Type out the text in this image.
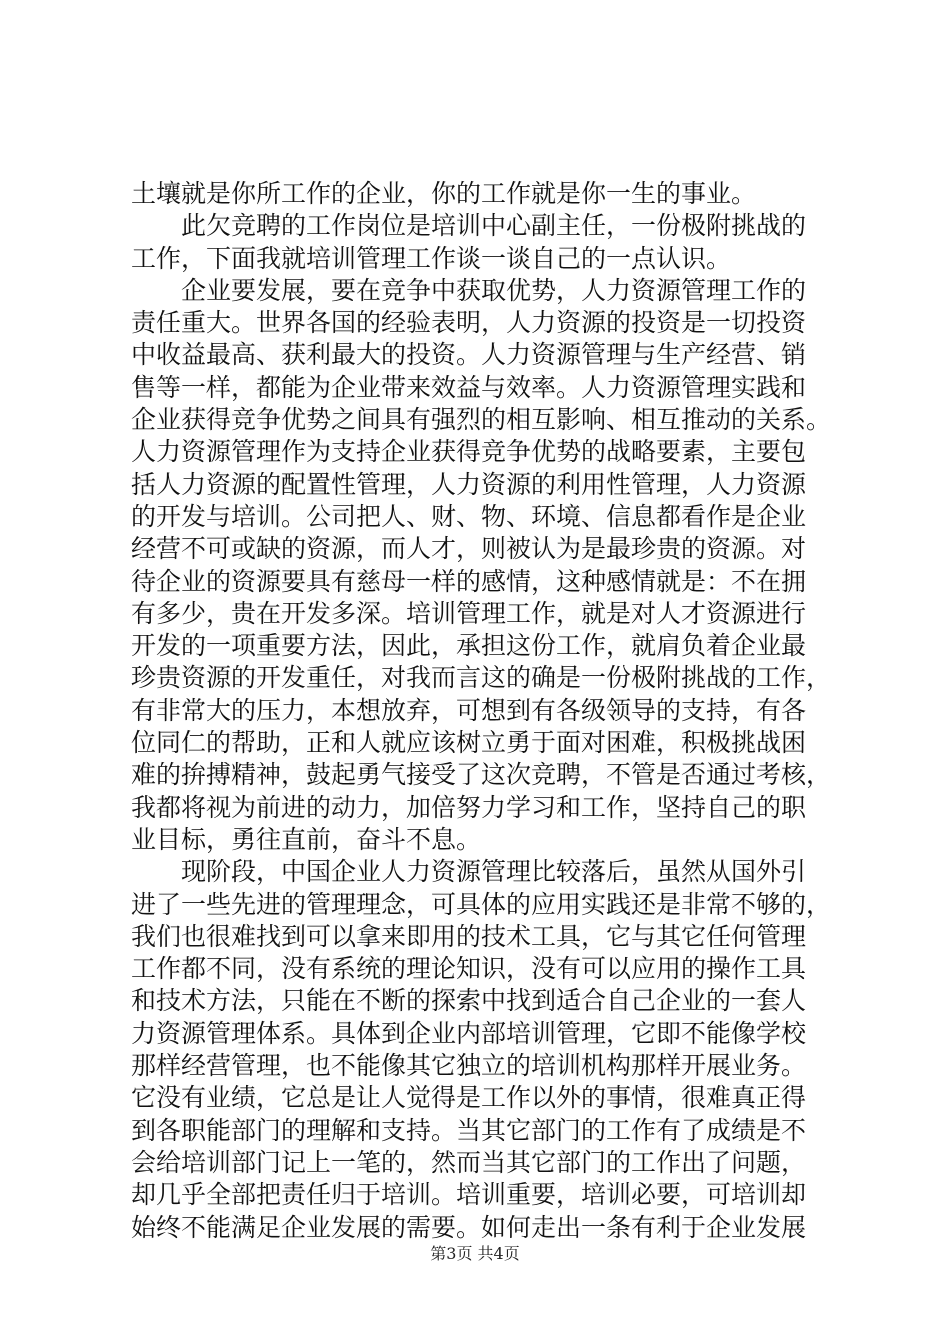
土壤就是你所工作的企业，你的工作就是你一生的事业。
此欠竞聘的工作岗位是培训中心副主任，一份极附挑战的
工作，下面我就培训管理工作谈一谈自己的一点认识。
企业要发展，要在竞争中获取优势，人力资源管理工作的
责任重大。世界各国的经验表明，人力资源的投资是一切投资
中收益最高、获利最大的投资。人力资源管理与生产经营、销
售等一样，都能为企业带来效益与效率。人力资源管理实践和
企业获得竞争优势之间具有强烈的相互影响、相互推动的关系。
人力资源管理作为支持企业获得竞争优势的战略要素，主要包
括人力资源的配置性管理，人力资源的利用性管理，人力资源
的开发与培训。公司把人、财、物、环境、信息都看作是企业
经营不可或缺的资源，而人才，则被认为是最珍贵的资源。对
待企业的资源要具有慈母一样的感情，这种感情就是：不在拥
有多少，贵在开发多深。培训管理工作，就是对人才资源进行
开发的一项重要方法，因此，承担这份工作，就肩负着企业最
珍贵资源的开发重任，对我而言这的确是一份极附挑战的工作，
有非常大的压力，本想放弃，可想到有各级领导的支持，有各
位同仁的帮助，正和人就应该树立勇于面对困难，积极挑战困
难的拚搏精神，鼓起勇气接受了这次竞聘，不管是否通过考核，
我都将视为前进的动力，加倍努力学习和工作，坚持自己的职
业目标，勇往直前，奋斗不息。
现阶段，中国企业人力资源管理比较落后，虽然从国外引
进了一些先进的管理理念，可具体的应用实践还是非常不够的，
我们也很难找到可以拿来即用的技术工具，它与其它任何管理
工作都不同，没有系统的理论知识，没有可以应用的操作工具
和技术方法，只能在不断的探索中找到适合自己企业的一套人
力资源管理体系。具体到企业内部培训管理，它即不能像学校
那样经营管理，也不能像其它独立的培训机构那样开展业务。
它没有业绩，它总是让人觉得是工作以外的事情，很难真正得
到各职能部门的理解和支持。当其它部门的工作有了成绩是不
会给培训部门记上一笔的，然而当其它部门的工作出了问题，
却几乎全部把责任归于培训。培训重要，培训必要，可培训却
始终不能满足企业发展的需要。如何走出一条有利于企业发展
第3页 共4页
